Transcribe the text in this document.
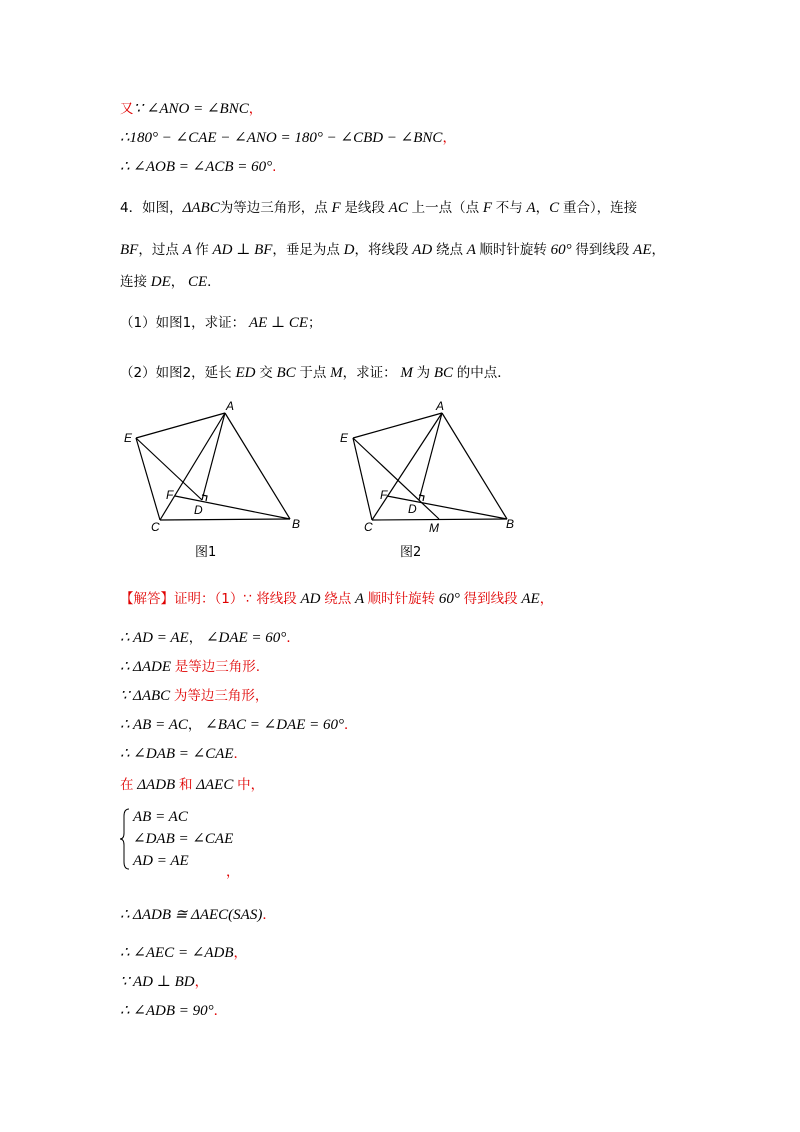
又∵ ∠ANO = ∠BNC，
∴180° − ∠CAE − ∠ANO = 180° − ∠CBD − ∠BNC，
∴ ∠AOB = ∠ACB = 60°.
4．如图，ΔABC为等边三角形，点 F 是线段 AC 上一点（点 F 不与 A，C 重合），连接
BF，过点 A 作 AD ⊥ BF，垂足为点 D，将线段 AD 绕点 A 顺时针旋转 60° 得到线段 AE，
连接 DE， CE．
（1）如图1，求证： AE ⊥ CE；
（2）如图2，延长 ED 交 BC 于点 M，求证： M 为 BC 的中点．
A
B
C
D
E
F
图1
A
B
C
D
E
F
M
图2
【解答】证明：（1）∵ 将线段 AD 绕点 A 顺时针旋转 60° 得到线段 AE，
∴ AD = AE， ∠DAE = 60°．
∴ ΔADE 是等边三角形.
∵ ΔABC 为等边三角形，
∴ AB = AC， ∠BAC = ∠DAE = 60°．
∴ ∠DAB = ∠CAE．
在 ΔADB 和 ΔAEC 中，
AB = AC
∠DAB = ∠CAE
AD = AE
，
∴ ΔADB ≅ ΔAEC(SAS)．
∴ ∠AEC = ∠ADB，
∵ AD ⊥ BD，
∴ ∠ADB = 90°．
